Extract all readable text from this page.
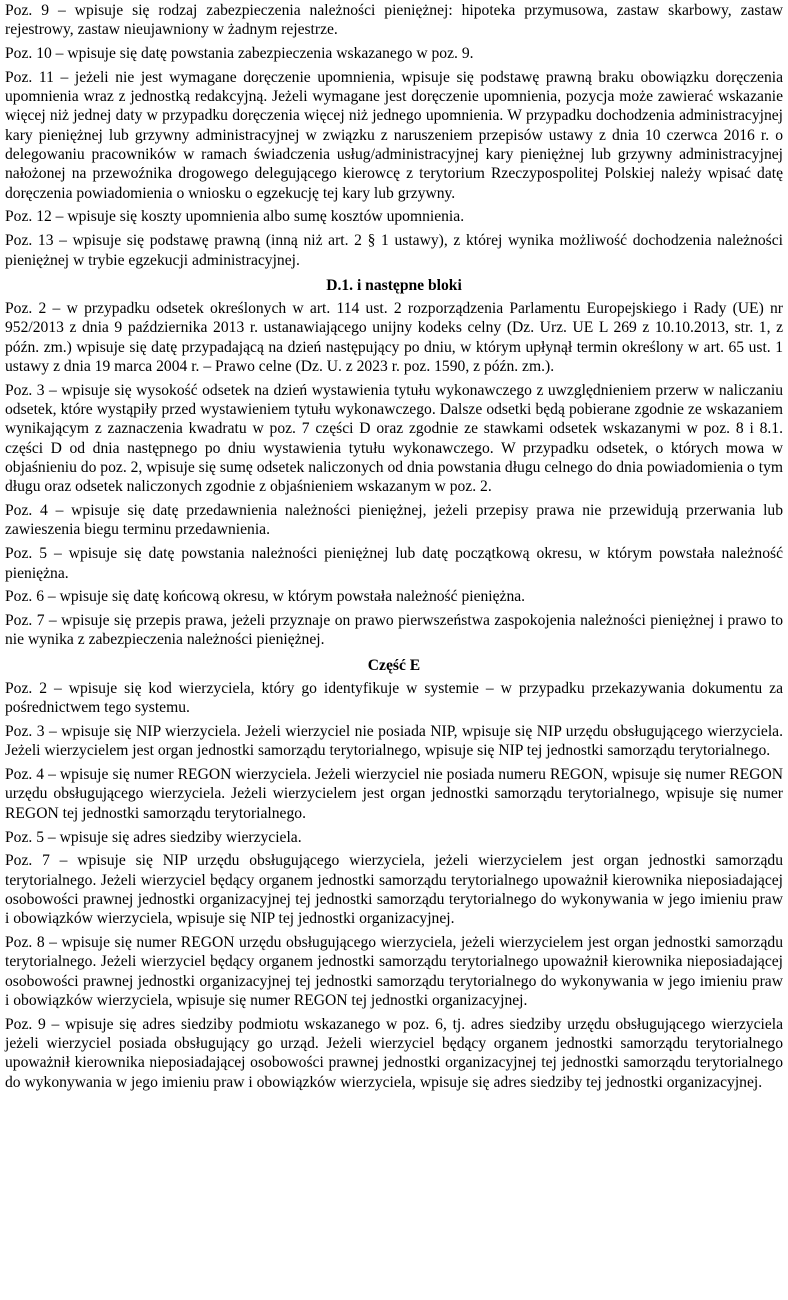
Poz. 9 – wpisuje się rodzaj zabezpieczenia należności pieniężnej: hipoteka przymusowa, zastaw skarbowy, zastaw rejestrowy, zastaw nieujawniony w żadnym rejestrze.

Poz. 10 – wpisuje się datę powstania zabezpieczenia wskazanego w poz. 9.

Poz. 11 – jeżeli nie jest wymagane doręczenie upomnienia, wpisuje się podstawę prawną braku obowiązku doręczenia upomnienia wraz z jednostką redakcyjną. Jeżeli wymagane jest doręczenie upomnienia, pozycja może zawierać wskazanie więcej niż jednej daty w przypadku doręczenia więcej niż jednego upomnienia. W przypadku dochodzenia administracyjnej kary pieniężnej lub grzywny administracyjnej w związku z naruszeniem przepisów ustawy z dnia 10 czerwca 2016 r. o delegowaniu pracowników w ramach świadczenia usług/administracyjnej kary pieniężnej lub grzywny administracyjnej nałożonej na przewoźnika drogowego delegującego kierowcę z terytorium Rzeczypospolitej Polskiej należy wpisać datę doręczenia powiadomienia o wniosku o egzekucję tej kary lub grzywny.

Poz. 12 – wpisuje się koszty upomnienia albo sumę kosztów upomnienia.

Poz. 13 – wpisuje się podstawę prawną (inną niż art. 2 § 1 ustawy), z której wynika możliwość dochodzenia należności pieniężnej w trybie egzekucji administracyjnej.

D.1. i następne bloki

Poz. 2 – w przypadku odsetek określonych w art. 114 ust. 2 rozporządzenia Parlamentu Europejskiego i Rady (UE) nr 952/2013 z dnia 9 października 2013 r. ustanawiającego unijny kodeks celny (Dz. Urz. UE L 269 z 10.10.2013, str. 1, z późn. zm.) wpisuje się datę przypadającą na dzień następujący po dniu, w którym upłynął termin określony w art. 65 ust. 1 ustawy z dnia 19 marca 2004 r. – Prawo celne (Dz. U. z 2023 r. poz. 1590, z późn. zm.).

Poz. 3 – wpisuje się wysokość odsetek na dzień wystawienia tytułu wykonawczego z uwzględnieniem przerw w naliczaniu odsetek, które wystąpiły przed wystawieniem tytułu wykonawczego. Dalsze odsetki będą pobierane zgodnie ze wskazaniem wynikającym z zaznaczenia kwadratu w poz. 7 części D oraz zgodnie ze stawkami odsetek wskazanymi w poz. 8 i 8.1. części D od dnia następnego po dniu wystawienia tytułu wykonawczego. W przypadku odsetek, o których mowa w objaśnieniu do poz. 2, wpisuje się sumę odsetek naliczonych od dnia powstania długu celnego do dnia powiadomienia o tym długu oraz odsetek naliczonych zgodnie z objaśnieniem wskazanym w poz. 2.

Poz. 4 – wpisuje się datę przedawnienia należności pieniężnej, jeżeli przepisy prawa nie przewidują przerwania lub zawieszenia biegu terminu przedawnienia.

Poz. 5 – wpisuje się datę powstania należności pieniężnej lub datę początkową okresu, w którym powstała należność pieniężna.

Poz. 6 – wpisuje się datę końcową okresu, w którym powstała należność pieniężna.

Poz. 7 – wpisuje się przepis prawa, jeżeli przyznaje on prawo pierwszeństwa zaspokojenia należności pieniężnej i prawo to nie wynika z zabezpieczenia należności pieniężnej.

Część E

Poz. 2 – wpisuje się kod wierzyciela, który go identyfikuje w systemie – w przypadku przekazywania dokumentu za pośrednictwem tego systemu.

Poz. 3 – wpisuje się NIP wierzyciela. Jeżeli wierzyciel nie posiada NIP, wpisuje się NIP urzędu obsługującego wierzyciela. Jeżeli wierzycielem jest organ jednostki samorządu terytorialnego, wpisuje się NIP tej jednostki samorządu terytorialnego.

Poz. 4 – wpisuje się numer REGON wierzyciela. Jeżeli wierzyciel nie posiada numeru REGON, wpisuje się numer REGON urzędu obsługującego wierzyciela. Jeżeli wierzycielem jest organ jednostki samorządu terytorialnego, wpisuje się numer REGON tej jednostki samorządu terytorialnego.

Poz. 5 – wpisuje się adres siedziby wierzyciela.

Poz. 7 – wpisuje się NIP urzędu obsługującego wierzyciela, jeżeli wierzycielem jest organ jednostki samorządu terytorialnego. Jeżeli wierzyciel będący organem jednostki samorządu terytorialnego upoważnił kierownika nieposiadającej osobowości prawnej jednostki organizacyjnej tej jednostki samorządu terytorialnego do wykonywania w jego imieniu praw i obowiązków wierzyciela, wpisuje się NIP tej jednostki organizacyjnej.

Poz. 8 – wpisuje się numer REGON urzędu obsługującego wierzyciela, jeżeli wierzycielem jest organ jednostki samorządu terytorialnego. Jeżeli wierzyciel będący organem jednostki samorządu terytorialnego upoważnił kierownika nieposiadającej osobowości prawnej jednostki organizacyjnej tej jednostki samorządu terytorialnego do wykonywania w jego imieniu praw i obowiązków wierzyciela, wpisuje się numer REGON tej jednostki organizacyjnej.

Poz. 9 – wpisuje się adres siedziby podmiotu wskazanego w poz. 6, tj. adres siedziby urzędu obsługującego wierzyciela jeżeli wierzyciel posiada obsługujący go urząd. Jeżeli wierzyciel będący organem jednostki samorządu terytorialnego upoważnił kierownika nieposiadającej osobowości prawnej jednostki organizacyjnej tej jednostki samorządu terytorialnego do wykonywania w jego imieniu praw i obowiązków wierzyciela, wpisuje się adres siedziby tej jednostki organizacyjnej.
